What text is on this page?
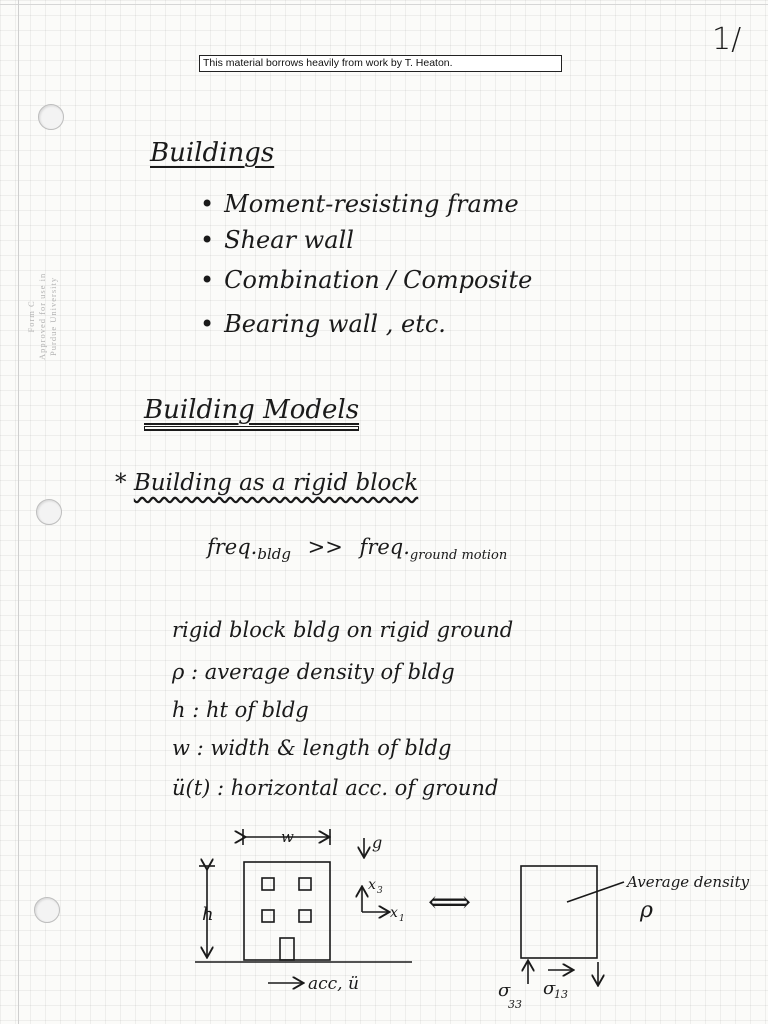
This material borrows heavily from work by T. Heaton.
1/
Form C Approved for use in Purdue University
Buildings
• Moment-resisting frame
• Shear wall
• Combination / Composite
• Bearing wall , etc.
Building Models
* Building as a rigid block
$freq._{bldg}$ >> $freq._{ground motion}$
rigid block bldg on rigid ground
ρ : average density of bldg
h : ht of bldg
w : width & length of bldg
ü(t) : horizontal acc. of ground
w	g
h
x 3
x 1
acc, ü
⟺
Average density
ρ
σ
33
σ
13
